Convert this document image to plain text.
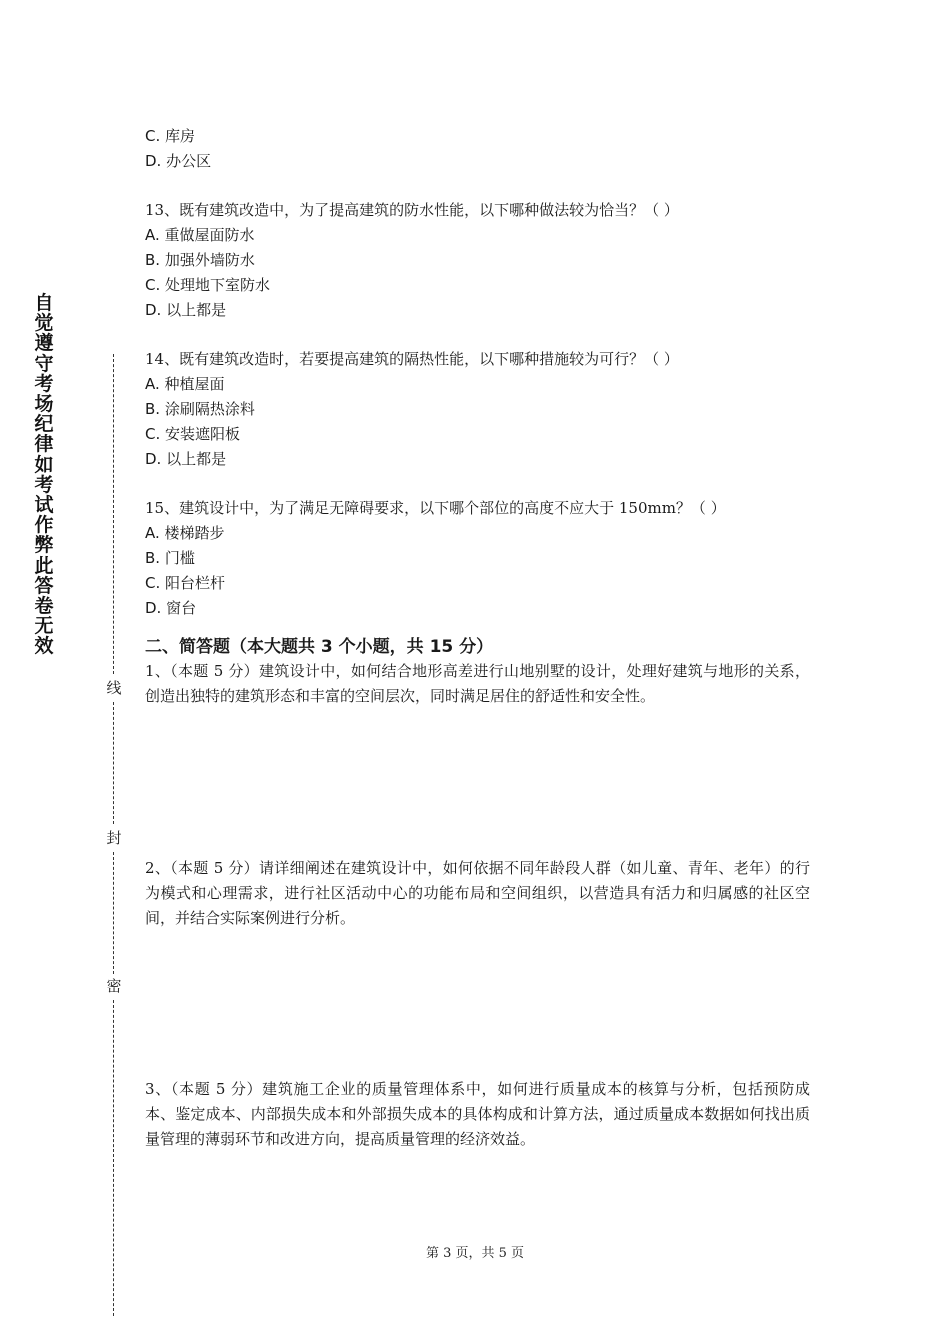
自
觉
遵
守
考
场
纪
律
如
考
试
作
弊
此
答
卷
无
效
线
封
密
C. 库房
D. 办公区
13、既有建筑改造中，为了提高建筑的防水性能，以下哪种做法较为恰当？（ ）
A. 重做屋面防水
B. 加强外墙防水
C. 处理地下室防水
D. 以上都是
14、既有建筑改造时，若要提高建筑的隔热性能，以下哪种措施较为可行？（ ）
A. 种植屋面
B. 涂刷隔热涂料
C. 安装遮阳板
D. 以上都是
15、建筑设计中，为了满足无障碍要求，以下哪个部位的高度不应大于 150mm？（ ）
A. 楼梯踏步
B. 门槛
C. 阳台栏杆
D. 窗台
二、简答题（本大题共 3 个小题，共 15 分）
1、（本题 5 分）建筑设计中，如何结合地形高差进行山地别墅的设计，处理好建筑与地形的关系，创造出独特的建筑形态和丰富的空间层次，同时满足居住的舒适性和安全性。
2、（本题 5 分）请详细阐述在建筑设计中，如何依据不同年龄段人群（如儿童、青年、老年）的行为模式和心理需求，进行社区活动中心的功能布局和空间组织，以营造具有活力和归属感的社区空间，并结合实际案例进行分析。
3、（本题 5 分）建筑施工企业的质量管理体系中，如何进行质量成本的核算与分析，包括预防成本、鉴定成本、内部损失成本和外部损失成本的具体构成和计算方法，通过质量成本数据如何找出质量管理的薄弱环节和改进方向，提高质量管理的经济效益。
第 3 页，共 5 页
